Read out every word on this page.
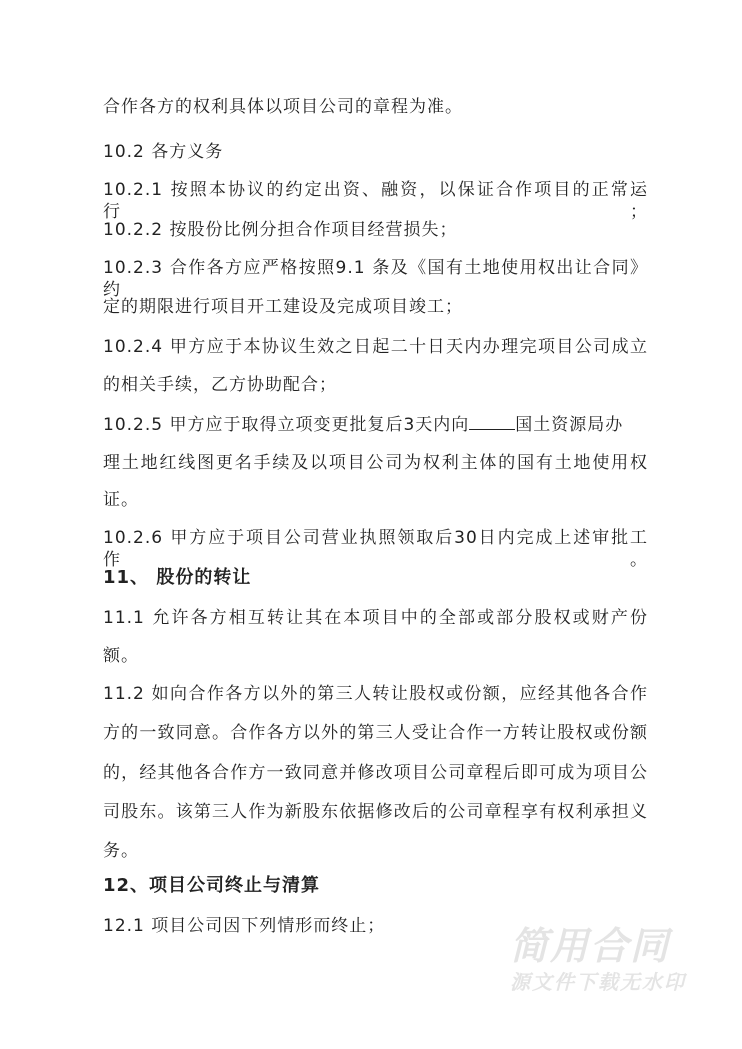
合作各方的权利具体以项目公司的章程为准。
10.2 各方义务
10.2.1 按照本协议的约定出资、融资，以保证合作项目的正常运行；
10.2.2 按股份比例分担合作项目经营损失；
10.2.3 合作各方应严格按照9.1 条及《国有土地使用权出让合同》约
定的期限进行项目开工建设及完成项目竣工；
10.2.4 甲方应于本协议生效之日起二十日天内办理完项目公司成立
的相关手续，乙方协助配合；
10.2.5 甲方应于取得立项变更批复后3天内向	国土资源局办
理土地红线图更名手续及以项目公司为权利主体的国有土地使用权
证。
10.2.6 甲方应于项目公司营业执照领取后30日内完成上述审批工作。
11、 股份的转让
11.1 允许各方相互转让其在本项目中的全部或部分股权或财产份
额。
11.2 如向合作各方以外的第三人转让股权或份额，应经其他各合作
方的一致同意。合作各方以外的第三人受让合作一方转让股权或份额
的，经其他各合作方一致同意并修改项目公司章程后即可成为项目公
司股东。该第三人作为新股东依据修改后的公司章程享有权利承担义
务。
12、项目公司终止与清算
12.1 项目公司因下列情形而终止；	简用合同
源文件下载无水印
